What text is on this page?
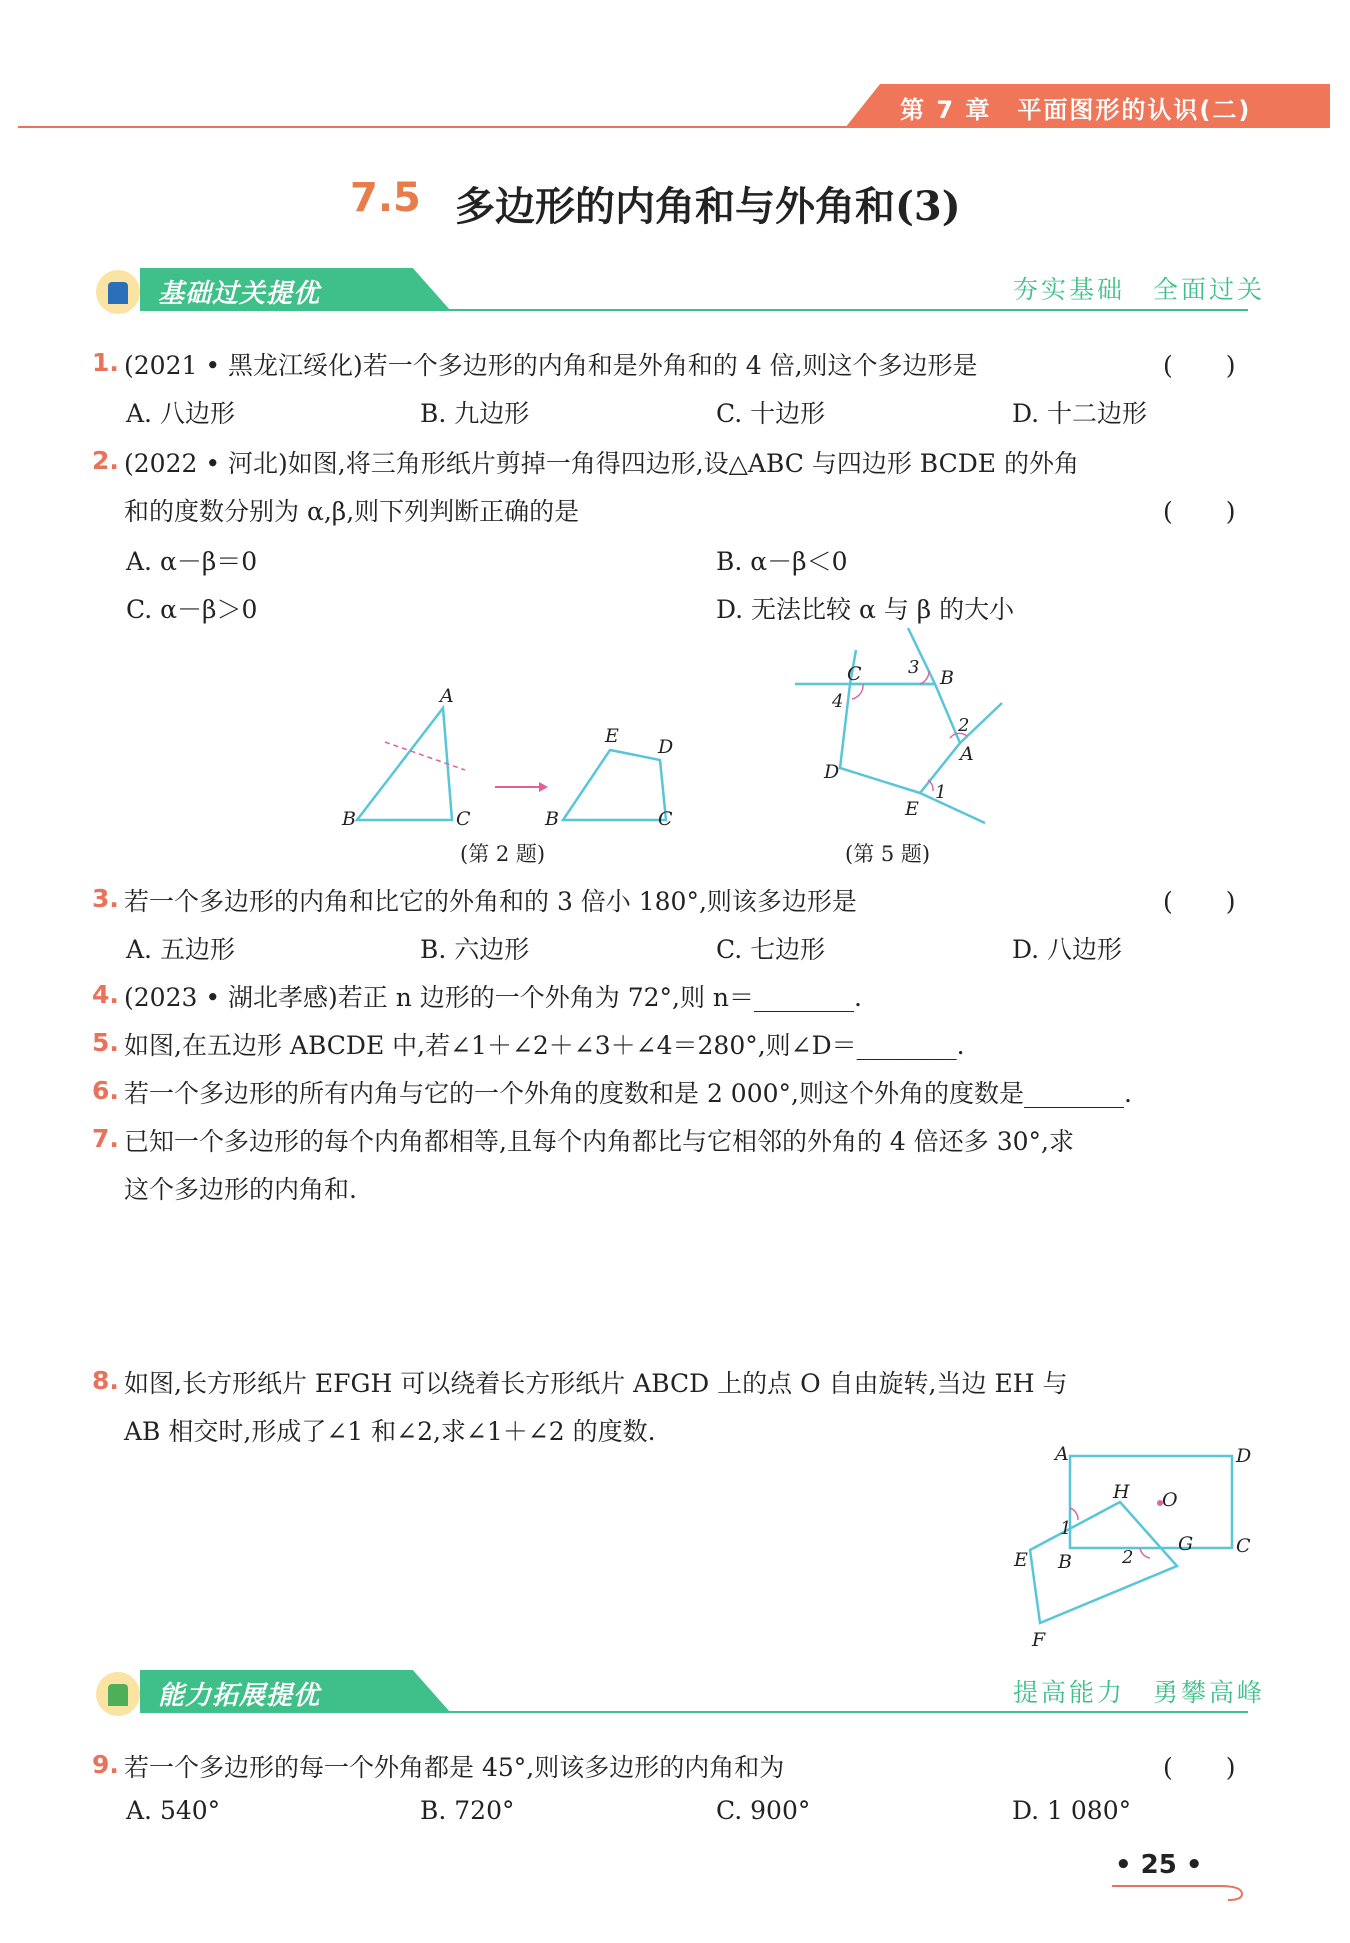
第 7 章　平面图形的认识(二)
7.5 多边形的内角和与外角和(3)
基础过关提优	夯实基础　全面过关
1. (2021 • 黑龙江绥化)若一个多边形的内角和是外角和的 4 倍,则这个多边形是	(　　)
A. 八边形	B. 九边形	C. 十边形	D. 十二边形
2. (2022 • 河北)如图,将三角形纸片剪掉一角得四边形,设△ABC 与四边形 BCDE 的外角
和的度数分别为 α,β,则下列判断正确的是	(　　)
A. α－β＝0	B. α－β＜0
C. α－β＞0	D. 无法比较 α 与 β 的大小
A
B	C
E D
B	C
(第 2 题)
C	B
A
D
E
1
2
3
4
(第 5 题)
3. 若一个多边形的内角和比它的外角和的 3 倍小 180°,则该多边形是	(　　)
A. 五边形	B. 六边形	C. 七边形	D. 八边形
4. (2023 • 湖北孝感)若正 n 边形的一个外角为 72°,则 n＝________.
5. 如图,在五边形 ABCDE 中,若∠1＋∠2＋∠3＋∠4＝280°,则∠D＝________.
6. 若一个多边形的所有内角与它的一个外角的度数和是 2 000°,则这个外角的度数是________.
7. 已知一个多边形的每个内角都相等,且每个内角都比与它相邻的外角的 4 倍还多 30°,求
这个多边形的内角和.
8. 如图,长方形纸片 EFGH 可以绕着长方形纸片 ABCD 上的点 O 自由旋转,当边 EH 与
AB 相交时,形成了∠1 和∠2,求∠1＋∠2 的度数.
A	D
H O
B
G C
E
F
1
2
能力拓展提优	提高能力　勇攀高峰
9. 若一个多边形的每一个外角都是 45°,则该多边形的内角和为	(　　)
A. 540°	B. 720°	C. 900°	D. 1 080°
• 25 •
